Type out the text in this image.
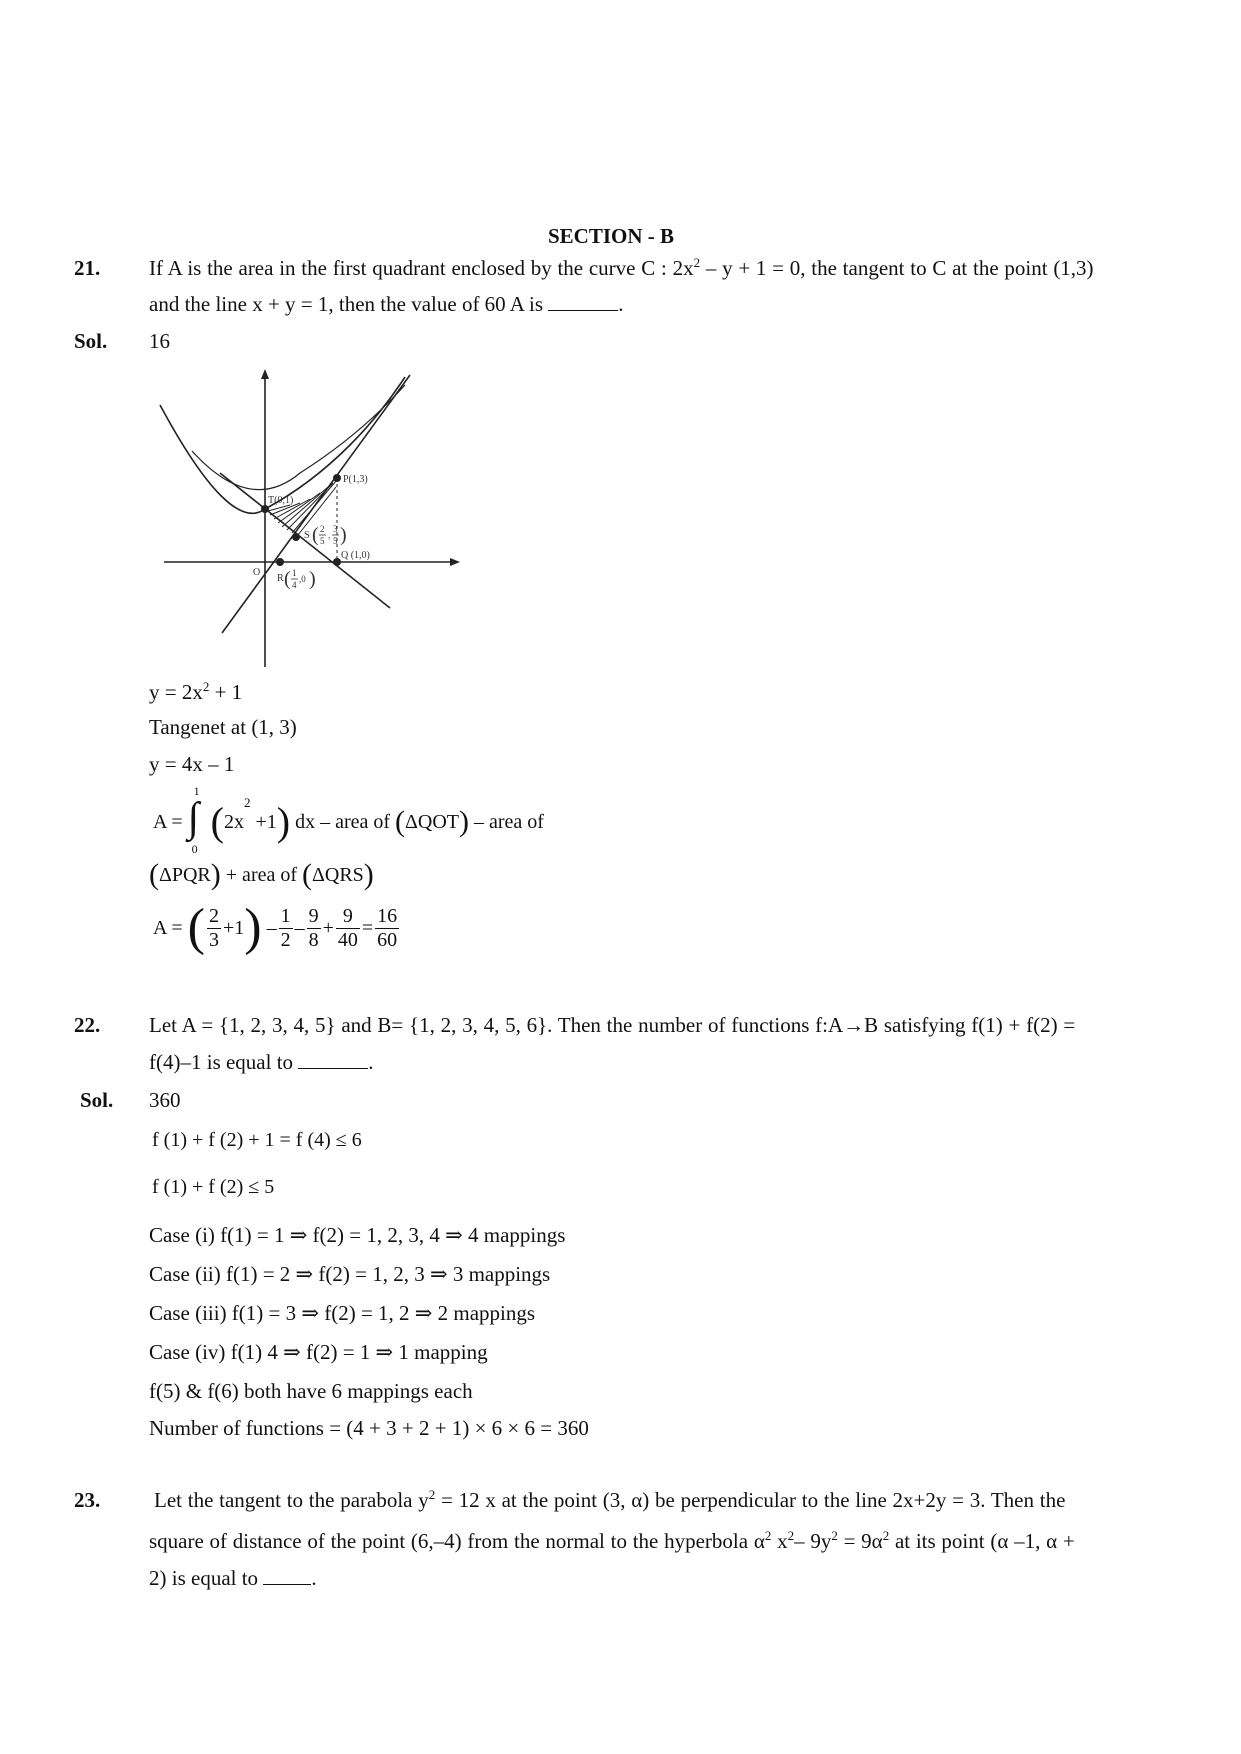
SECTION - B
21. If A is the area in the first quadrant enclosed by the curve C : $2x^2 - y + 1 = 0$, the tangent to C at the point (1,3)
and the line x + y = 1, then the value of 60 A is	.
Sol. 16
T(0,1)
P(1,3)
Q (1,0)
O
S ( 2
5
,
3
5 )
R ( 1
4
,0 )
$y = 2x^2 + 1$
Tangenet at (1, 3)
y = 4x – 1
A = ∫
1
0
$(2x^2 +1)$ dx – area of (ΔQOT) – area of
(ΔPQR) + area of (ΔQRS)
A = ( $\frac{2}{3} +1) - \frac{1}{2} - \frac{9}{8} + \frac{9}{40} = \frac{16}{60}$
22. Let A = {1, 2, 3, 4, 5} and B= {1, 2, 3, 4, 5, 6}. Then the number of functions f:A→B satisfying f(1) + f(2) =
f(4)–1 is equal to	.
Sol. 360
f (1) + f (2) + 1 = f (4) ≤ 6
f (1) + f (2) ≤ 5
Case (i) f(1) = 1 ⇒ f(2) = 1, 2, 3, 4 ⇒ 4 mappings
Case (ii) f(1) = 2 ⇒ f(2) = 1, 2, 3 ⇒ 3 mappings
Case (iii) f(1) = 3 ⇒ f(2) = 1, 2 ⇒ 2 mappings
Case (iv) f(1) 4 ⇒ f(2) = 1 ⇒ 1 mapping
f(5) & f(6) both have 6 mappings each
Number of functions = (4 + 3 + 2 + 1) × 6 × 6 = 360
23.	Let the tangent to the parabola $y^2 = 12$ x at the point (3, α) be perpendicular to the line 2x+2y = 3. Then the
square of distance of the point (6,–4) from the normal to the hyperbola $\alpha^2$ $x^2-$ $9y^2 = 9\alpha^2$ at its point (α –1, α +
2) is equal to	.
